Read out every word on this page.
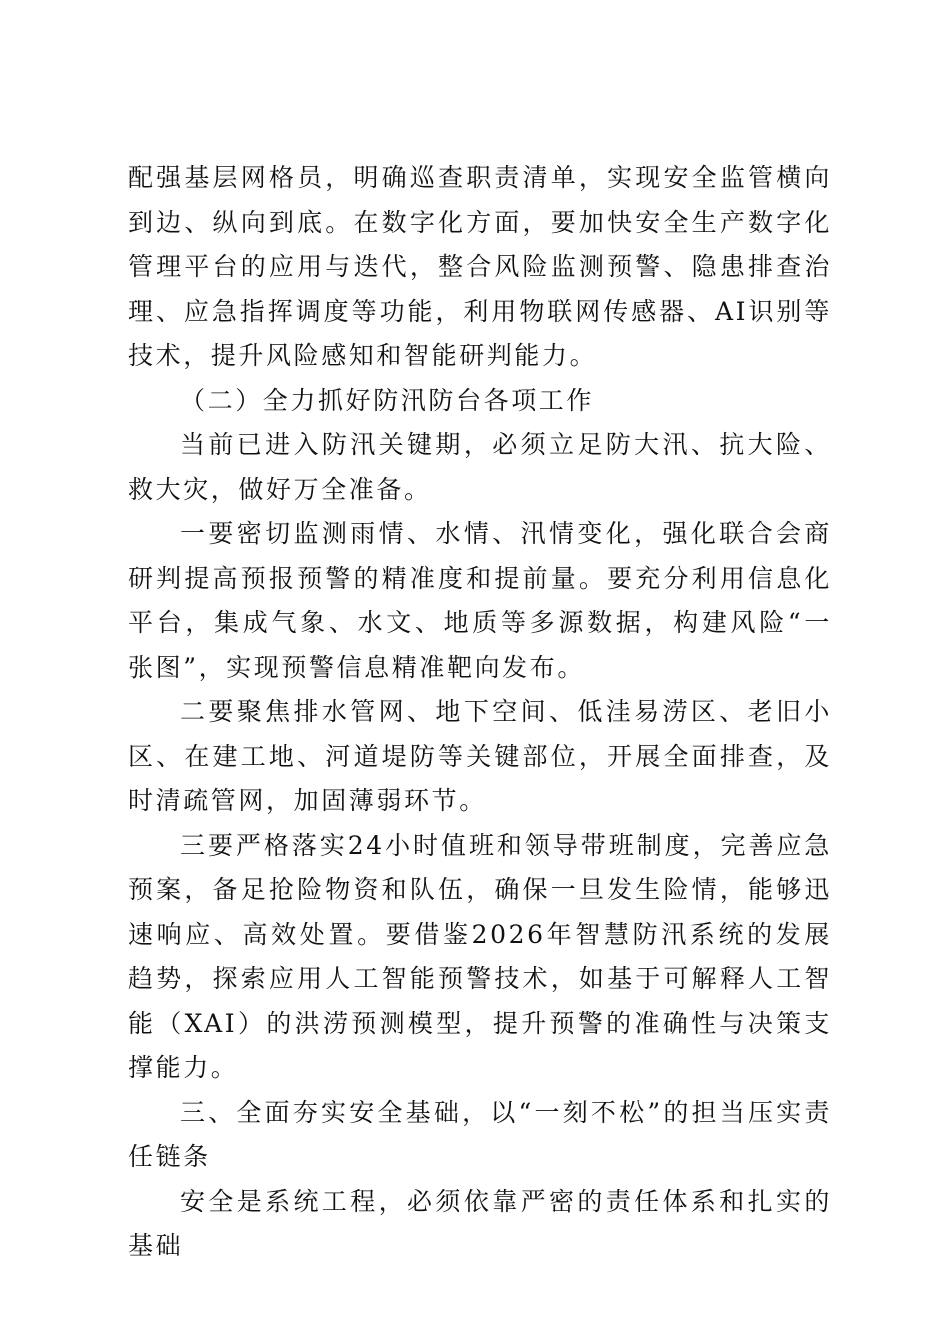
配强基层网格员，明确巡查职责清单，实现安全监管横向到边、纵向到底。在数字化方面，要加快安全生产数字化管理平台的应用与迭代，整合风险监测预警、隐患排查治理、应急指挥调度等功能，利用物联网传感器、AI识别等技术，提升风险感知和智能研判能力。

（二）全力抓好防汛防台各项工作

当前已进入防汛关键期，必须立足防大汛、抗大险、救大灾，做好万全准备。

一要密切监测雨情、水情、汛情变化，强化联合会商研判提高预报预警的精准度和提前量。要充分利用信息化平台，集成气象、水文、地质等多源数据，构建风险“一张图”，实现预警信息精准靶向发布。

二要聚焦排水管网、地下空间、低洼易涝区、老旧小区、在建工地、河道堤防等关键部位，开展全面排查，及时清疏管网，加固薄弱环节。

三要严格落实24小时值班和领导带班制度，完善应急预案，备足抢险物资和队伍，确保一旦发生险情，能够迅速响应、高效处置。要借鉴2026年智慧防汛系统的发展趋势，探索应用人工智能预警技术，如基于可解释人工智能（XAI）的洪涝预测模型，提升预警的准确性与决策支撑能力。

三、全面夯实安全基础，以“一刻不松”的担当压实责任链条

安全是系统工程，必须依靠严密的责任体系和扎实的基础
